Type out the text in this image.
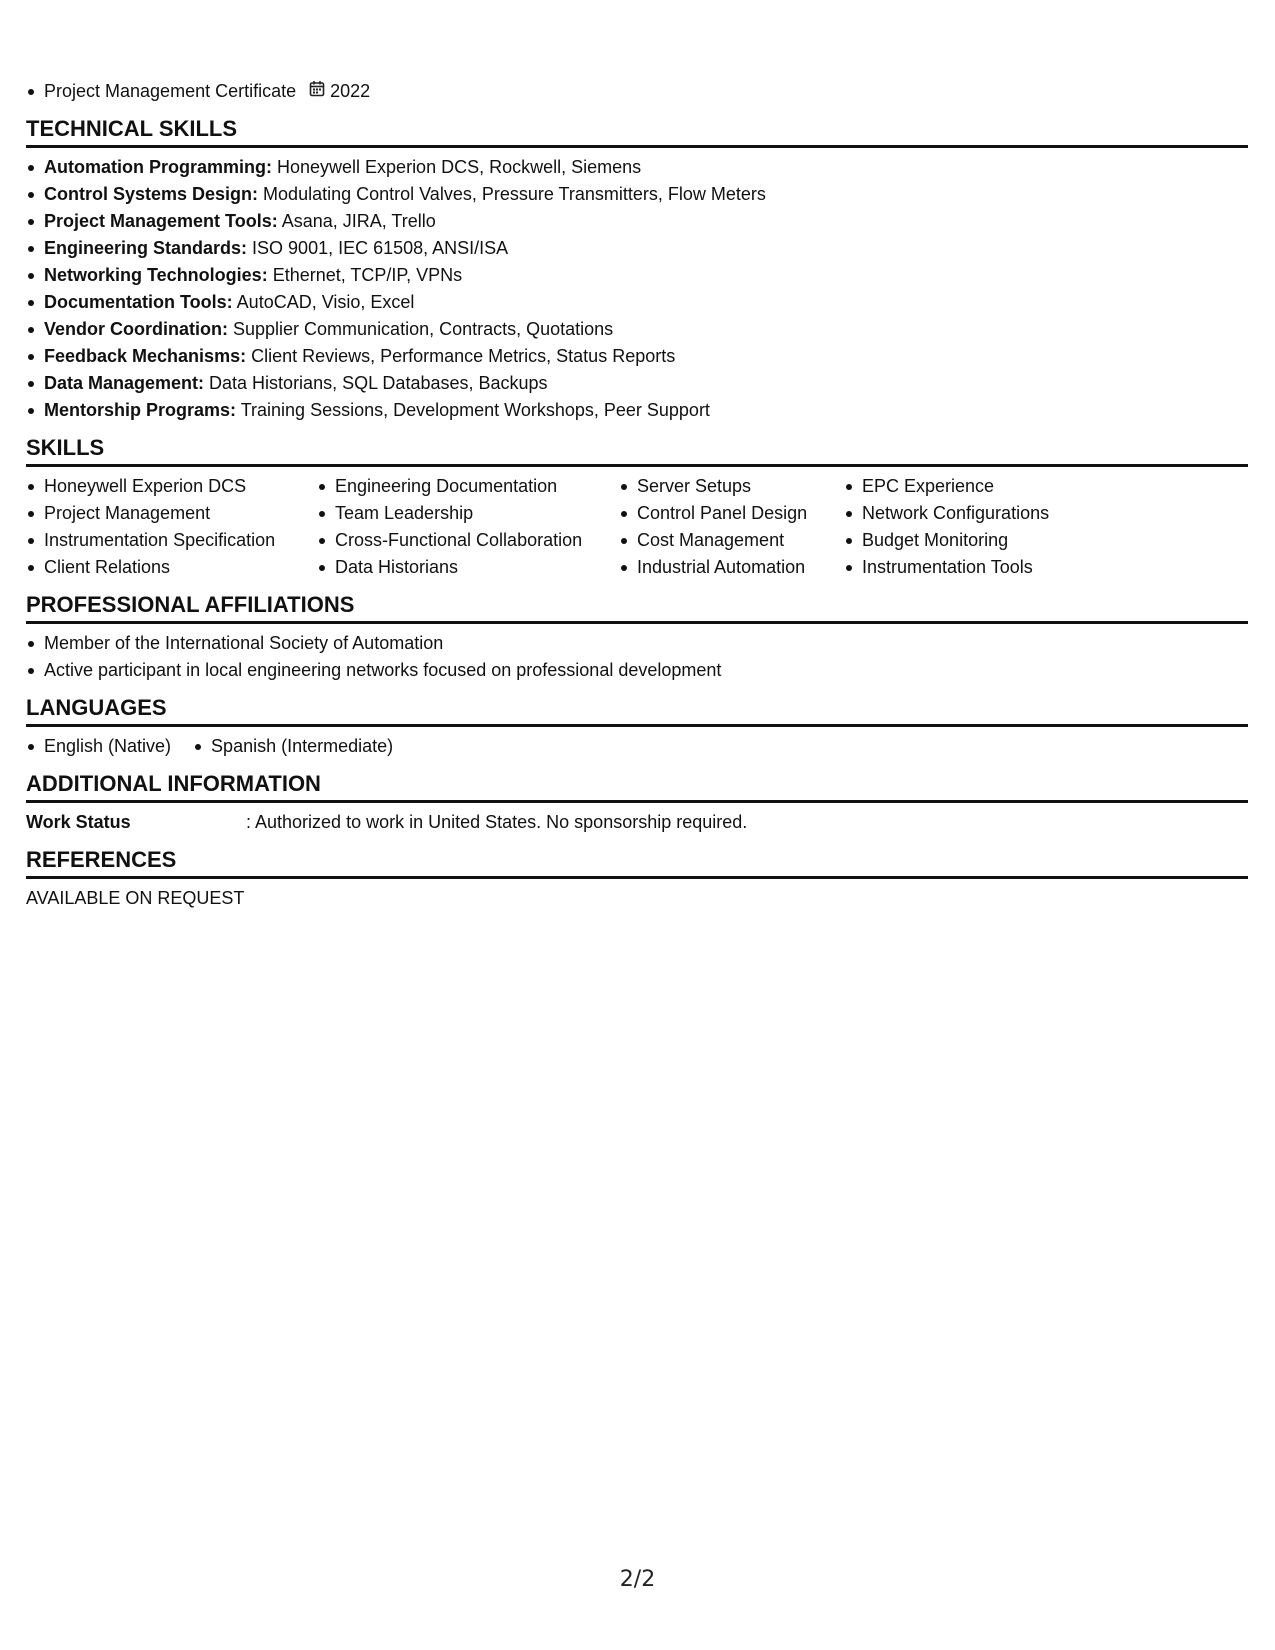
Project Management Certificate 2022
TECHNICAL SKILLS
Automation Programming: Honeywell Experion DCS, Rockwell, Siemens
Control Systems Design: Modulating Control Valves, Pressure Transmitters, Flow Meters
Project Management Tools: Asana, JIRA, Trello
Engineering Standards: ISO 9001, IEC 61508, ANSI/ISA
Networking Technologies: Ethernet, TCP/IP, VPNs
Documentation Tools: AutoCAD, Visio, Excel
Vendor Coordination: Supplier Communication, Contracts, Quotations
Feedback Mechanisms: Client Reviews, Performance Metrics, Status Reports
Data Management: Data Historians, SQL Databases, Backups
Mentorship Programs: Training Sessions, Development Workshops, Peer Support
SKILLS
Honeywell Experion DCS
Project Management
Instrumentation Specification
Client Relations
Engineering Documentation
Team Leadership
Cross-Functional Collaboration
Data Historians
Server Setups
Control Panel Design
Cost Management
Industrial Automation
EPC Experience
Network Configurations
Budget Monitoring
Instrumentation Tools
PROFESSIONAL AFFILIATIONS
Member of the International Society of Automation
Active participant in local engineering networks focused on professional development
LANGUAGES
English (Native)	Spanish (Intermediate)
ADDITIONAL INFORMATION
Work Status	: Authorized to work in United States. No sponsorship required.
REFERENCES
AVAILABLE ON REQUEST
2/2
